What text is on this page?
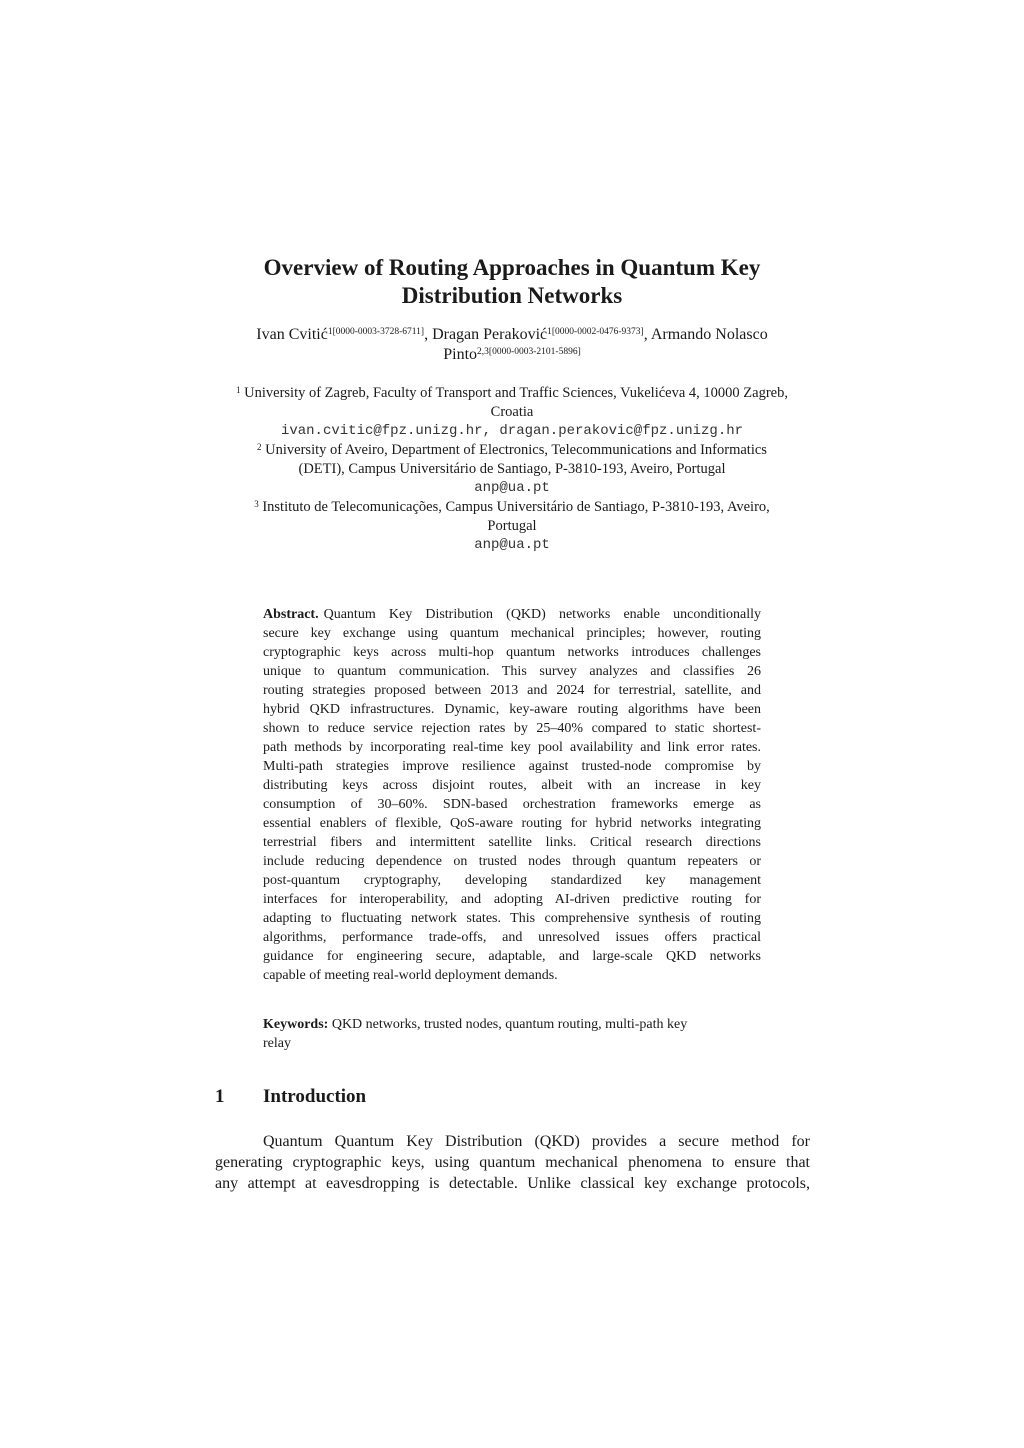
Overview of Routing Approaches in Quantum Key
Distribution Networks
Ivan Cvitić$^{1[0000-0003-3728-6711]}$, Dragan Peraković$^{1[0000-0002-0476-9373]}$, Armando Nolasco
Pinto$^{2,3[0000-0003-2101-5896]}$
$^1$ University of Zagreb, Faculty of Transport and Traffic Sciences, Vukelićeva 4, 10000 Zagreb,
Croatia
ivan.cvitic@fpz.unizg.hr, dragan.perakovic@fpz.unizg.hr
$^2$ University of Aveiro, Department of Electronics, Telecommunications and Informatics
(DETI), Campus Universitário de Santiago, P-3810-193, Aveiro, Portugal
anp@ua.pt
$^3$ Instituto de Telecomunicações, Campus Universitário de Santiago, P-3810-193, Aveiro,
Portugal
anp@ua.pt
Abstract. Quantum Key Distribution (QKD) networks enable unconditionally
secure key exchange using quantum mechanical principles; however, routing
cryptographic keys across multi-hop quantum networks introduces challenges
unique to quantum communication. This survey analyzes and classifies 26
routing strategies proposed between 2013 and 2024 for terrestrial, satellite, and
hybrid QKD infrastructures. Dynamic, key-aware routing algorithms have been
shown to reduce service rejection rates by 25–40% compared to static shortest-
path methods by incorporating real-time key pool availability and link error rates.
Multi-path strategies improve resilience against trusted-node compromise by
distributing keys across disjoint routes, albeit with an increase in key
consumption of 30–60%. SDN-based orchestration frameworks emerge as
essential enablers of flexible, QoS-aware routing for hybrid networks integrating
terrestrial fibers and intermittent satellite links. Critical research directions
include reducing dependence on trusted nodes through quantum repeaters or
post-quantum cryptography, developing standardized key management
interfaces for interoperability, and adopting AI-driven predictive routing for
adapting to fluctuating network states. This comprehensive synthesis of routing
algorithms, performance trade-offs, and unresolved issues offers practical
guidance for engineering secure, adaptable, and large-scale QKD networks
capable of meeting real-world deployment demands.
Keywords: QKD networks, trusted nodes, quantum routing, multi-path key
relay
1 Introduction
Quantum Quantum Key Distribution (QKD) provides a secure method for
generating cryptographic keys, using quantum mechanical phenomena to ensure that
any attempt at eavesdropping is detectable. Unlike classical key exchange protocols,
